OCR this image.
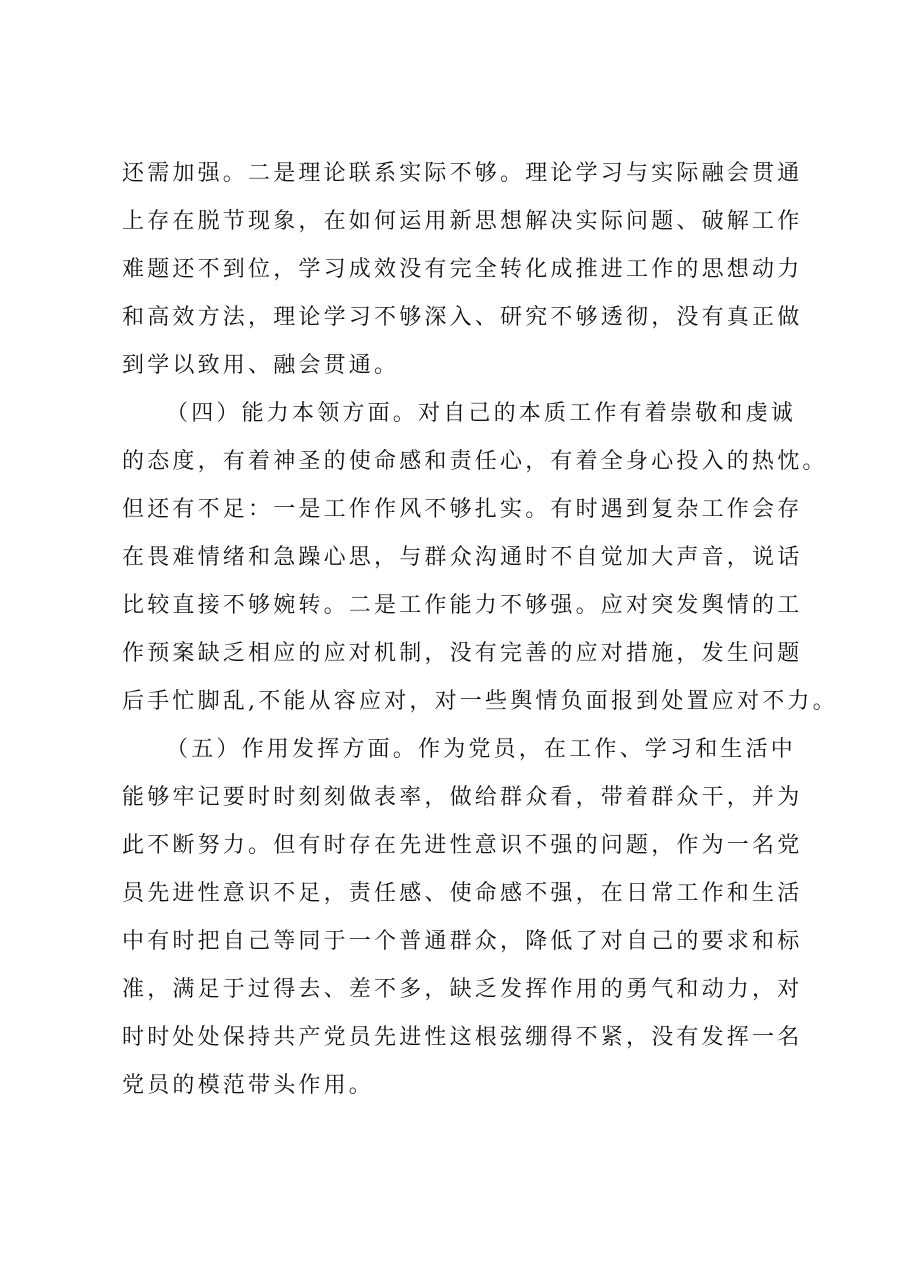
还需加强。二是理论联系实际不够。理论学习与实际融会贯通
上存在脱节现象，在如何运用新思想解决实际问题、破解工作
难题还不到位，学习成效没有完全转化成推进工作的思想动力
和高效方法，理论学习不够深入、研究不够透彻，没有真正做
到学以致用、融会贯通。
（四）能力本领方面。对自己的本质工作有着崇敬和虔诚
的态度，有着神圣的使命感和责任心，有着全身心投入的热忱。
但还有不足：一是工作作风不够扎实。有时遇到复杂工作会存
在畏难情绪和急躁心思，与群众沟通时不自觉加大声音，说话
比较直接不够婉转。二是工作能力不够强。应对突发舆情的工
作预案缺乏相应的应对机制，没有完善的应对措施，发生问题
后手忙脚乱,不能从容应对，对一些舆情负面报到处置应对不力。
（五）作用发挥方面。作为党员，在工作、学习和生活中
能够牢记要时时刻刻做表率，做给群众看，带着群众干，并为
此不断努力。但有时存在先进性意识不强的问题，作为一名党
员先进性意识不足，责任感、使命感不强，在日常工作和生活
中有时把自己等同于一个普通群众，降低了对自己的要求和标
准，满足于过得去、差不多，缺乏发挥作用的勇气和动力，对
时时处处保持共产党员先进性这根弦绷得不紧，没有发挥一名
党员的模范带头作用。
